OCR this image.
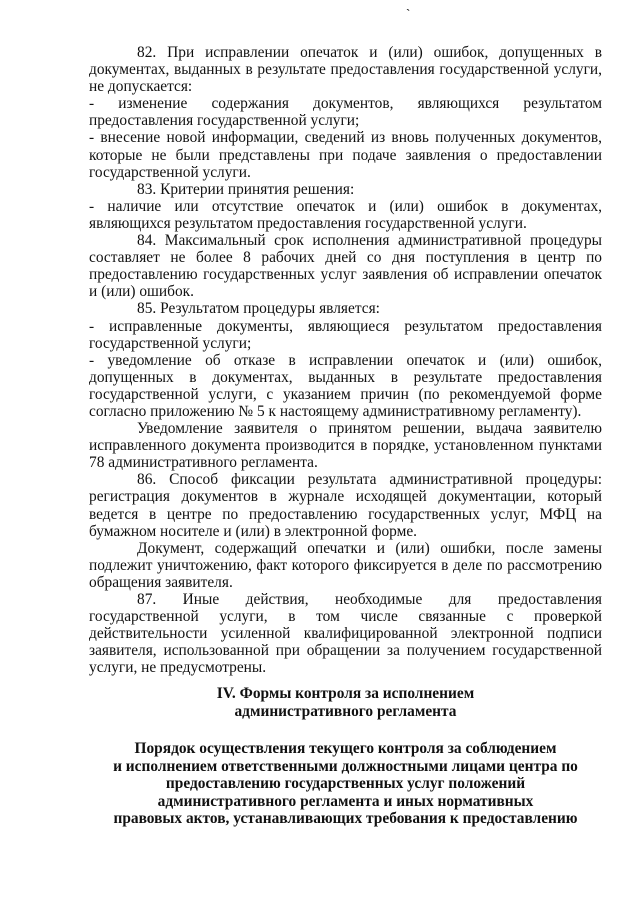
`

82. При исправлении опечаток и (или) ошибок, допущенных в документах, выданных в результате предоставления государственной услуги, не допускается:

- изменение содержания документов, являющихся результатом предоставления государственной услуги;

- внесение новой информации, сведений из вновь полученных документов, которые не были представлены при подаче заявления о предоставлении государственной услуги.

83. Критерии принятия решения:

- наличие или отсутствие опечаток и (или) ошибок в документах, являющихся результатом предоставления государственной услуги.

84. Максимальный срок исполнения административной процедуры составляет не более 8 рабочих дней со дня поступления в центр по предоставлению государственных услуг заявления об исправлении опечаток и (или) ошибок.

85. Результатом процедуры является:

- исправленные документы, являющиеся результатом предоставления государственной услуги;

- уведомление об отказе в исправлении опечаток и (или) ошибок, допущенных в документах, выданных в результате предоставления государственной услуги, с указанием причин (по рекомендуемой форме согласно приложению № 5 к настоящему административному регламенту).

Уведомление заявителя о принятом решении, выдача заявителю исправленного документа производится в порядке, установленном пунктами 78 административного регламента.

86. Способ фиксации результата административной процедуры: регистрация документов в журнале исходящей документации, который ведется в центре по предоставлению государственных услуг, МФЦ на бумажном носителе и (или) в электронной форме.

Документ, содержащий опечатки и (или) ошибки, после замены подлежит уничтожению, факт которого фиксируется в деле по рассмотрению обращения заявителя.

87. Иные действия, необходимые для предоставления государственной услуги, в том числе связанные с проверкой действительности усиленной квалифицированной электронной подписи заявителя, использованной при обращении за получением государственной услуги, не предусмотрены.

IV. Формы контроля за исполнением
административного регламента
Порядок осуществления текущего контроля за соблюдением
и исполнением ответственными должностными лицами центра по
предоставлению государственных услуг положений
административного регламента и иных нормативных
правовых актов, устанавливающих требования к предоставлению
